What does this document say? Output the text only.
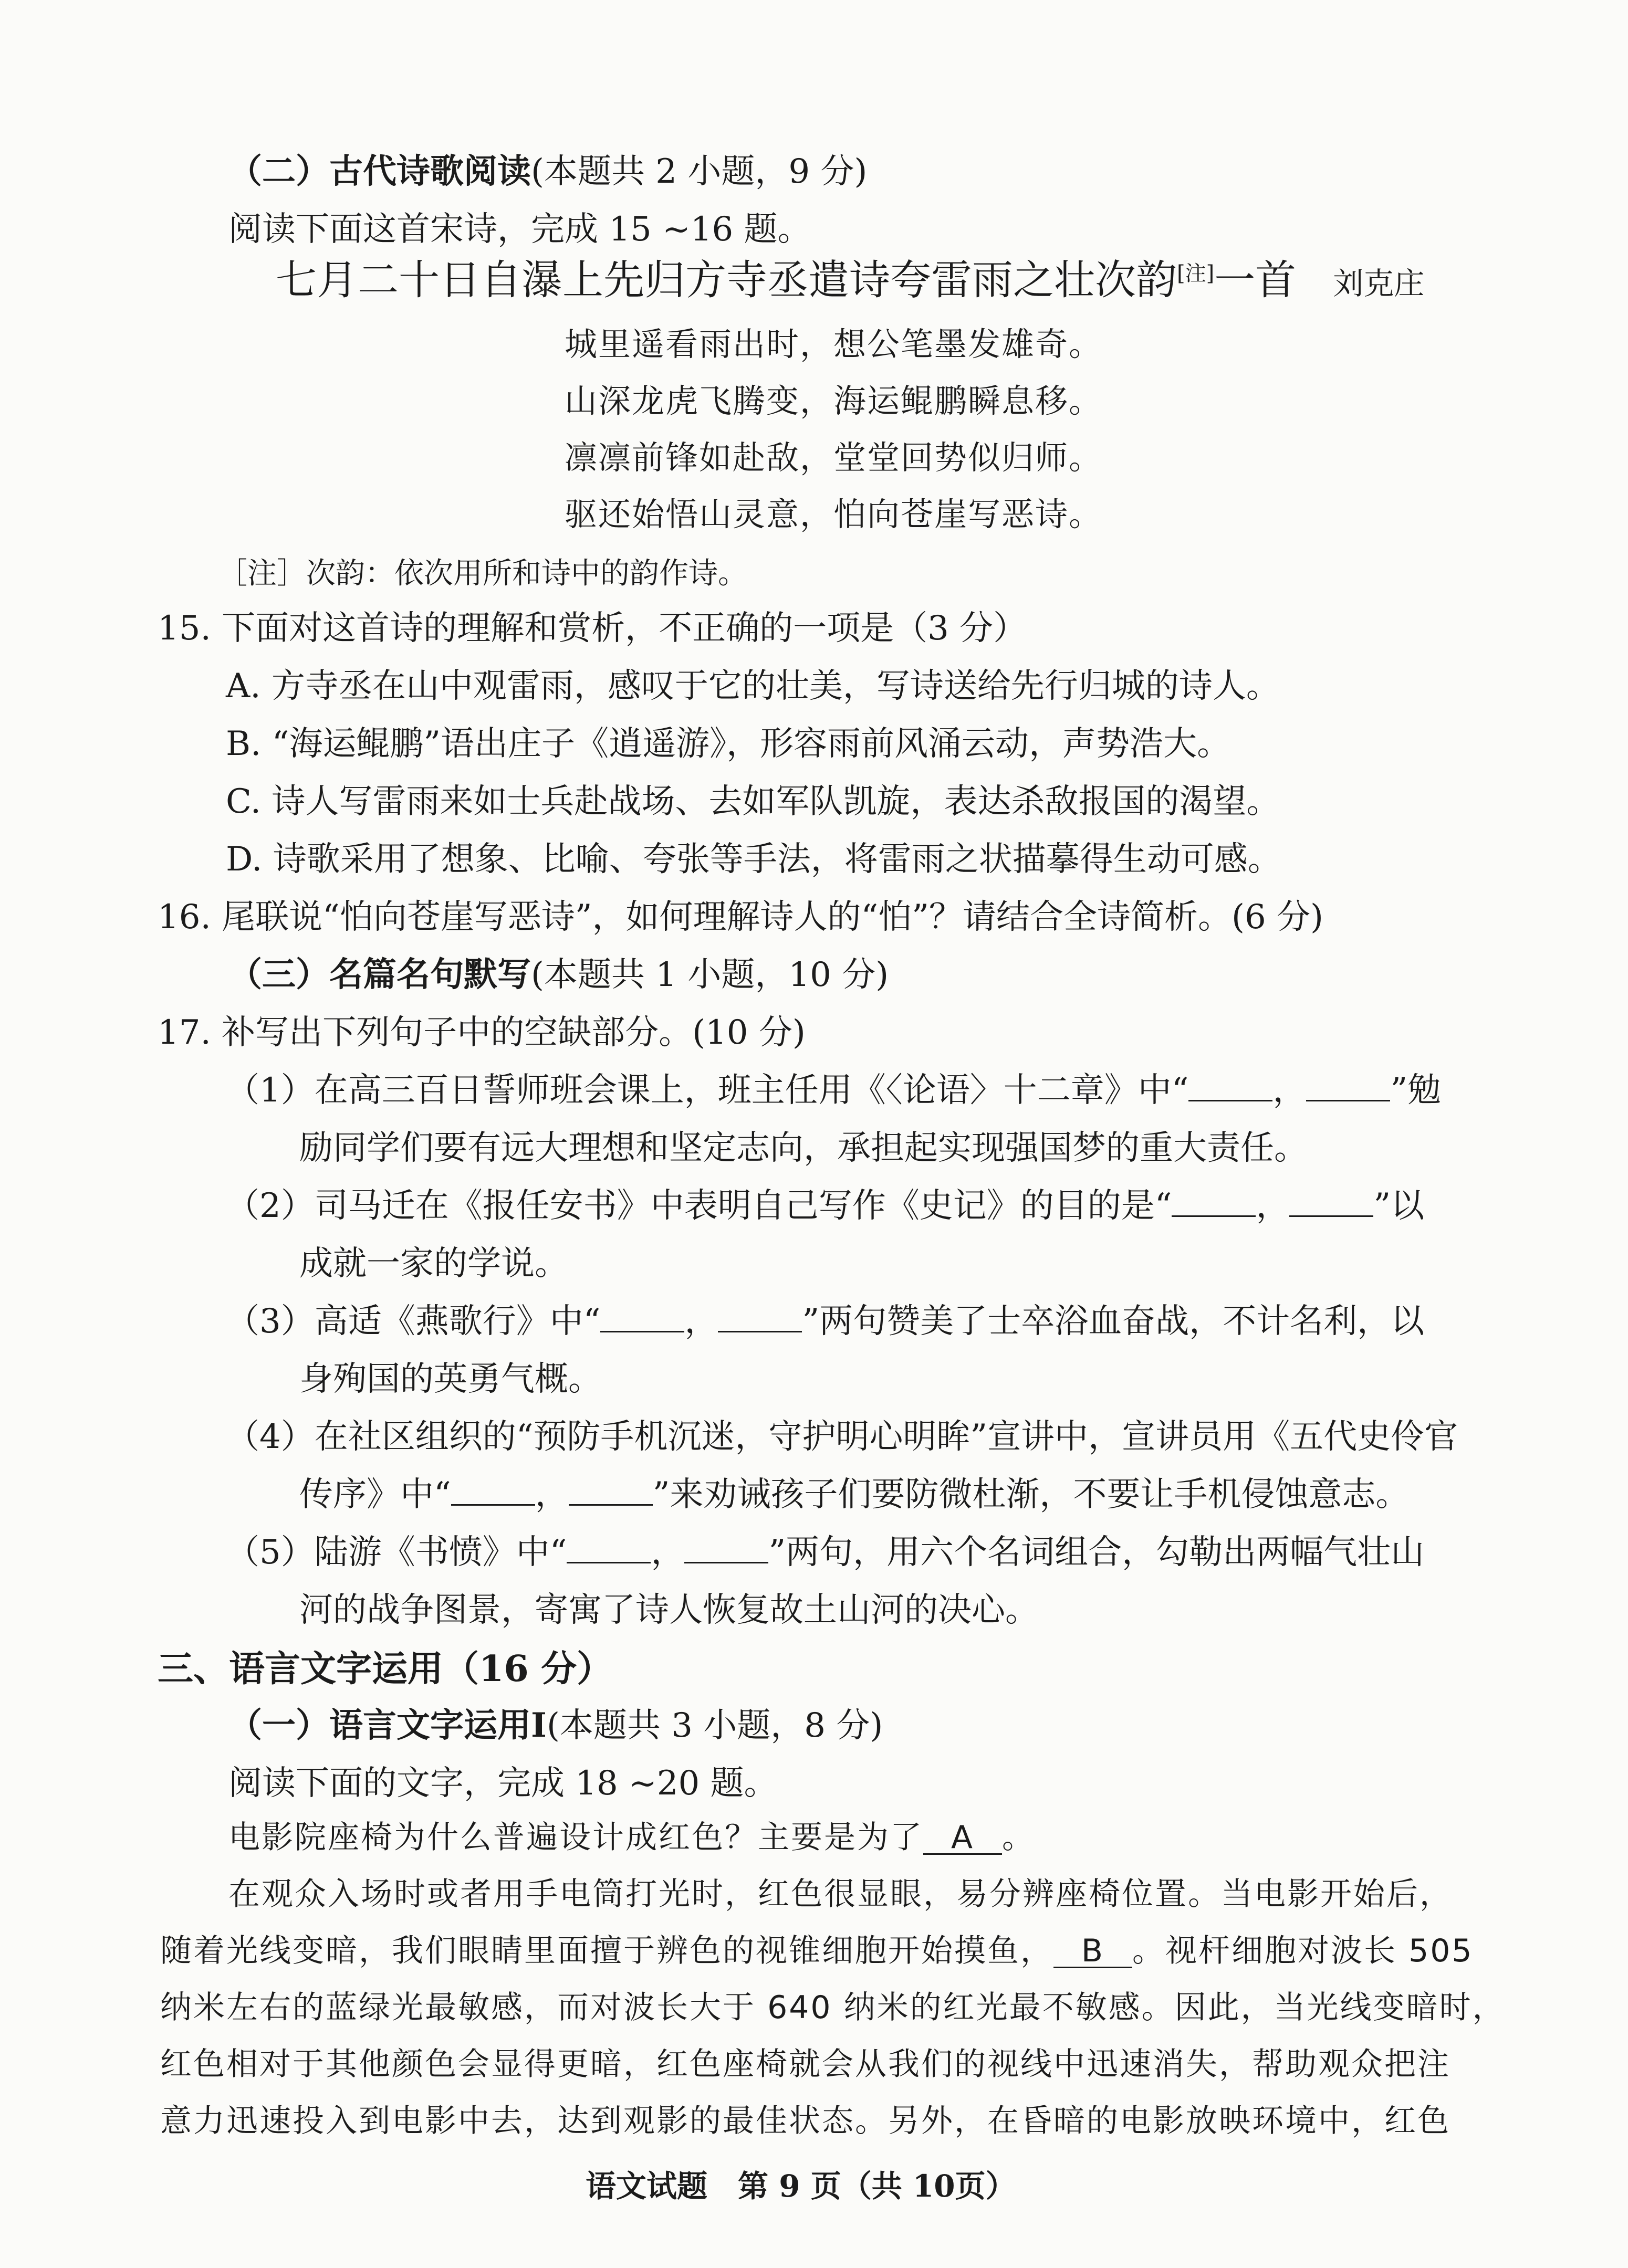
（二）古代诗歌阅读(本题共 2 小题，9 分)
阅读下面这首宋诗，完成 15 ~16 题。
七月二十日自瀑上先归方寺丞遣诗夸雷雨之壮次韵[注]一首 刘克庄
城里遥看雨出时，想公笔墨发雄奇。
山深龙虎飞腾变，海运鲲鹏瞬息移。
凛凛前锋如赴敌，堂堂回势似归师。
驱还始悟山灵意，怕向苍崖写恶诗。
［注］次韵：依次用所和诗中的韵作诗。
15. 下面对这首诗的理解和赏析，不正确的一项是（3 分）
A. 方寺丞在山中观雷雨，感叹于它的壮美，写诗送给先行归城的诗人。
B. “海运鲲鹏”语出庄子《逍遥游》，形容雨前风涌云动，声势浩大。
C. 诗人写雷雨来如士兵赴战场、去如军队凯旋，表达杀敌报国的渴望。
D. 诗歌采用了想象、比喻、夸张等手法，将雷雨之状描摹得生动可感。
16. 尾联说“怕向苍崖写恶诗”，如何理解诗人的“怕”？请结合全诗简析。(6 分)
（三）名篇名句默写(本题共 1 小题，10 分)
17. 补写出下列句子中的空缺部分。(10 分)
（1）在高三百日誓师班会课上，班主任用《〈论语〉十二章》中“	，	”勉
励同学们要有远大理想和坚定志向，承担起实现强国梦的重大责任。
（2）司马迁在《报任安书》中表明自己写作《史记》的目的是“	，	”以
成就一家的学说。
（3）高适《燕歌行》中“	，	”两句赞美了士卒浴血奋战，不计名利，以
身殉国的英勇气概。
（4）在社区组织的“预防手机沉迷，守护明心明眸”宣讲中，宣讲员用《五代史伶官
传序》中“	，	”来劝诫孩子们要防微杜渐，不要让手机侵蚀意志。
（5）陆游《书愤》中“	，	”两句，用六个名词组合，勾勒出两幅气壮山
河的战争图景，寄寓了诗人恢复故土山河的决心。
三、语言文字运用（16 分）
（一）语言文字运用Ⅰ(本题共 3 小题，8 分)
阅读下面的文字，完成 18 ~20 题。
电影院座椅为什么普遍设计成红色？主要是为了 A 。
在观众入场时或者用手电筒打光时，红色很显眼，易分辨座椅位置。当电影开始后，
随着光线变暗，我们眼睛里面擅于辨色的视锥细胞开始摸鱼， B 。视杆细胞对波长 505
纳米左右的蓝绿光最敏感，而对波长大于 640 纳米的红光最不敏感。因此，当光线变暗时，
红色相对于其他颜色会显得更暗，红色座椅就会从我们的视线中迅速消失，帮助观众把注
意力迅速投入到电影中去，达到观影的最佳状态。另外，在昏暗的电影放映环境中，红色
语文试题　第 9 页（共 10页）
